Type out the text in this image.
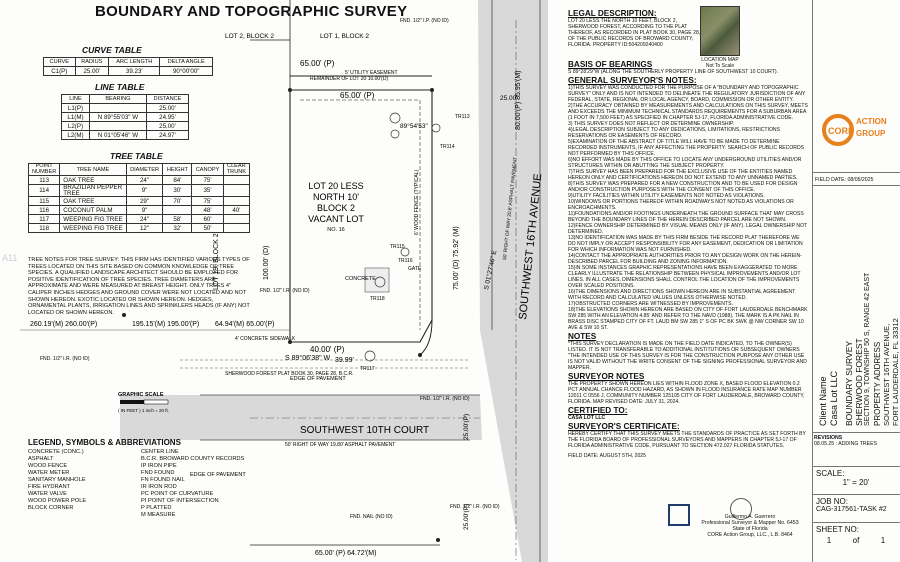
A11
BOUNDARY AND TOPOGRAPHIC SURVEY
CURVE TABLE
CURVE	RADIUS	ARC LENGTH	DELTA ANGLE
C1(P)	25.00'	39.23'	90°00'00"
LINE TABLE
LINE	BEARING	DISTANCE
L1(P)		25.00'
L1(M)	N 89°55'03" W	24.95'
L2(P)		25.00'
L2(M)	N 01°05'46" W	24.97'
TREE TABLE
POINT NUMBER	TREE NAME	DIAMETER	HEIGHT	CANOPY	CLEAR TRUNK
113	OAK TREE	24"	84'	75'	
114	BRAZILIAN PEPPER TREE	9"	30'	35'	
115	OAK TREE	29"	70'	75'	
116	COCONUT PALM	9"		48'	40'
117	WEEPING FIG TREE	24"	58'	60'	
118	WEEPING FIG TREE	12"	32'	50'	
TREE NOTES FOR TREE SURVEY: THIS FIRM HAS IDENTIFIED VARIOUS TYPES OF TREES LOCATED ON THIS SITE BASED ON COMMON KNOWLEDGE OF TREE SPECIES. A QUALIFIED LANDSCAPE ARCHITECT SHOULD BE EMPLOYED FOR POSITIVE IDENTIFICATION OF TREE SPECIES. TREE DIAMETERS ARE APPROXIMATE AND WERE MEASURED AT BREAST HEIGHT. ONLY TREES 4" CALIPER INCHES HEDGES AND GROUND COVER WERE NOT LOCATED AND NOT SHOWN HEREON. EXOTIC LOCATED OR SHOWN HEREON. HEDGES, ORNAMENTAL PLANTS, IRRIGATION LINES AND SPRINKLERS HEADS (IF ANY) NOT LOCATED OR SHOWN HEREON.
LOT 2, BLOCK 2	LOT 1, BLOCK 2
REMAINDER OF LOT 20 10.00'(D)
65.00' (P)
65.00' (P)
5' UTILITY EASEMENT
LOT 20 LESS
NORTH 10'
BLOCK 2
VACANT LOT
NO. 16
LOT 19, BLOCK 2	100.00' (D)	75.00' (D) 75.92' (M)	S 01°27'46" E SOUTHWEST 16TH AVENUE
50' RIGHT OF WAY 20.8' ASPHALT PAVEMENT
80.00'(P) 85.95'(M)
SOUTHWEST 10TH COURT
50' RIGHT OF WAY 19.80' ASPHALT PAVEMENT
EDGE OF PAVEMENT
EDGE OF PAVEMENT
CONCRETE
4' CONCRETE SIDEWALK
6' WOOD FENCE (TYPICAL)
GATE
40.00' (P)
39.99'
S 89°06'38" W
89°54'53"
260.19'(M) 260.00'(P)	195.15'(M) 195.00'(P) 64.94'(M) 65.00'(P)
65.00' (P) 64.72'(M)
25.00'(P)
25.00'(P)
25.00'
TR113
TR114
TR115
TR116
TR117
TR118
FND. 1/2" I.P. (NO ID)
FND. 1/2" I.R. (NO ID)
FND. 1/2" I.R. (NO ID)
FND. 1/2" I.R. (NO ID)
FND. NAIL (NO ID)
FND. 1/2" I.R. (NO ID)
GRAPHIC SCALE
( IN FEET ) 1 inch = 20 ft.
SHERWOOD FOREST PLAT BOOK 30, PAGE 28, B.C.R.
LEGEND, SYMBOLS & ABBREVIATIONS
CONCRETE (CONC.)
ASPHALT
WOOD FENCE
WATER METER
SANITARY MANHOLE
FIRE HYDRANT
WATER VALVE
WOOD POWER POLE
BLOCK CORNER
CENTER LINE
B.C.R. BROWARD COUNTY RECORDS
IP IRON PIPE
FND FOUND
FN FOUND NAIL
IR IRON ROD
PC POINT OF CURVATURE
PI POINT OF INTERSECTION
P PLATTED
M MEASURE
LEGAL DESCRIPTION:
LOT 20 LESS THE NORTH 10 FEET, BLOCK 2, SHERWOOD FOREST, ACCORDING TO THE PLAT THEREOF, AS RECORDED IN PLAT BOOK 30, PAGE 28, OF THE PUBLIC RECORDS OF BROWARD COUNTY, FLORIDA. PROPERTY ID:504209240400
BASIS OF BEARINGS
S 89°28'29"W (ALONG THE SOUTHERLY PROPERTY LINE OF SOUTHWEST 10 COURT).
GENERAL SURVEYOR'S NOTES:
1)THIS SURVEY WAS CONDUCTED FOR THE PURPOSE OF A "BOUNDARY AND TOPOGRAPHIC SURVEY" ONLY AND IS NOT INTENDED TO DELINEATE THE REGULATORY JURISDICTION OF ANY FEDERAL, STATE, REGIONAL OR LOCAL AGENCY, BOARD, COMMISSION OR OTHER ENTITY.
2)THE ACCURACY OBTAINED BY MEASUREMENTS AND CALCULATIONS ON THIS SURVEY, MEETS AND EXCEEDS THE MINIMUM TECHNICAL STANDARDS REQUIREMENTS FOR A SUBURBAN AREA (1 FOOT IN 7,500 FEET) AS SPECIFIED IN CHAPTER 5J-17, FLORIDA ADMINISTRATIVE CODE.
3) THIS SURVEY DOES NOT REFLECT OR DETERMINE OWNERSHIP.
4)LEGAL DESCRIPTION SUBJECT TO ANY DEDICATIONS, LIMITATIONS, RESTRICTIONS RESERVATIONS OR EASEMENTS OF RECORD.
5)EXAMINATION OF THE ABSTRACT OF TITLE WILL HAVE TO BE MADE TO DETERMINE RECORDED INSTRUMENTS, IF ANY AFFECTING THE PROPERTY: SEARCH OF PUBLIC RECORDS NOT PERFORMED BY THIS OFFICE.
6)NO EFFORT WAS MADE BY THIS OFFICE TO LOCATE ANY UNDERGROUND UTILITIES AND/OR STRUCTURES WITHIN OR ABUTTING THE SUBJECT PROPERTY.
7)THIS SURVEY HAS BEEN PREPARED FOR THE EXCLUSIVE USE OF THE ENTITIES NAMED HEREON ONLY AND CERTIFICATIONS HEREON DO NOT EXTEND TO ANY UNNAMED PARTIES.
8)THIS SURVEY WAS PREPARED FOR A NEW CONSTRUCTION AND TO BE USED FOR DESIGN AND/OR CONSTRUCTION PURPOSES WITH THE CONSENT OF THIS OFFICE.
9)UTILITY FACILITIES WITHIN UTILITY EASEMENTS NOT NOTED AS VIOLATIONS.
10)WINDOWS OR PORTIONS THEREOF WITHIN ROADWAYS NOT NOTED AS VIOLATIONS OR ENCROACHMENTS.
11)FOUNDATIONS AND/OR FOOTINGS UNDERNEATH THE GROUND SURFACE THAT MAY CROSS BEYOND THE BOUNDARY LINES OF THE HEREIN DESCRIBED PARCEL ARE NOT SHOWN.
12)FENCE OWNERSHIP DETERMINED BY VISUAL MEANS ONLY (IF ANY). LEGAL OWNERSHIP NOT DETERMINED.
13)NO IDENTIFICATION WAS MADE BY THIS FIRM BESIDE THE RECORD PLAT THEREFORE WE DO NOT IMPLY OR ACCEPT RESPONSIBILITY FOR ANY EASEMENT, DEDICATION OR LIMITATION FOR WHICH INFORMATION WAS NOT FURNISHED.
14)CONTACT THE APPROPRIATE AUTHORITIES PRIOR TO ANY DESIGN WORK ON THE HEREIN-DESCRIBED PARCEL FOR BUILDING AND ZONING INFORMATION.
15)IN SOME INSTANCES GRAPHIC REPRESENTATIONS HAVE BEEN EXAGGERATED TO MORE CLEARLY ILLUSTRATE THE RELATIONSHIP BETWEEN PHYSICAL IMPROVEMENTS AND/OR LOT LINES. IN ALL CASES, DIMENSIONS SHALL CONTROL THE LOCATION OF THE IMPROVEMENTS OVER SCALED POSITIONS.
16)THE DIMENSIONS AND DIRECTIONS SHOWN HEREON ARE IN SUBSTANTIAL AGREEMENT WITH RECORD AND CALCULATED VALUES UNLESS OTHERWISE NOTED.
17)OBSTRUCTED CORNERS ARE WITNESSED BY IMPROVEMENTS.
18)THE ELEVATIONS SHOWN HEREON ARE BASED ON CITY OF FORT LAUDERDALE BENCHMARK SW 285 WITH AN ELEVATION 4.85' AND REFER TO THE NAVD (1988). THE MARK IS A PK NAIL IN BRASS DISC STAMPED CITY OF FT. LAUD BM SW 285 1" S OF PC BK SWK @ NW CORNER SW 10 AVE & SW 10 ST.
NOTES
*THIS SURVEY DECLARATION IS MADE ON THE FIELD DATE INDICATED, TO THE OWNER(S) LISTED. IT IS NOT TRANSFERABLE TO ADDITIONAL INSTITUTIONS OR SUBSEQUENT OWNERS "THE INTENDED USE OF THIS SURVEY IS FOR THE CONSTRUCTION PURPOSE ANY OTHER USE IS NOT VALID WITHOUT THE WRITE CONSENT OF THE SIGNING PROFESSIONAL SURVEYOR AND MAPPER.
SURVEYOR NOTES
THE PROPERTY SHOWN HEREON LIES WITHIN FLOOD ZONE X, BASED FLOOD ELEVATION 0.2 PCT ANNUAL CHANCE FLOOD HAZARD, AS SHOWN IN FLOOD INSURANCE RATE MAP NUMBER 12011 C 0556 J, COMMUNITY NUMBER 125105 CITY OF FORT LAUDERDALE, BROWARD COUNTY, FLORIDA. MAP REVISED DATE: JULY 31, 2024.
CERTIFIED TO:
CASA LOT LLC
SURVEYOR'S CERTIFICATE:
HEREBY CERTIFY THAT THIS SURVEY MEETS THE STANDARDS OF PRACTICE AS SET FORTH BY THE FLORIDA BOARD OF PROFESSIONAL SURVEYORS AND MAPPERS IN CHAPTER 5J-17 OF FLORIDA ADMINISTRATIVE CODE, PURSUANT TO SECTION 472.027 FLORIDA STATUTES.
FIELD DATE: AUGUST 5TH, 2025
LOCATION MAP
Not To Scale
Guillermo A. Guerrero
Professional Surveyor & Mapper No. 6453
State of Florida
CORE Action Group, LLC., L.B. 8464
CORE
ACTION
GROUP
FIELD DATE: 08/05/2025
Client Name Casa Lot LLC BOUNDARY SURVEY SHERWOOD FOREST SECTION 9, TOWNSHIP 50 S, RANGE 42 EAST PROPERTY ADDRESS SOUTHWEST 16TH AVENUE, FORT LAUDERDALE, FL 33312
REVISIONS
08.05.25 : ADDING TREES
SCALE:
1" = 20'
JOB NO:
CAG-317561-TASK #2
SHEET NO:
1	of	1
